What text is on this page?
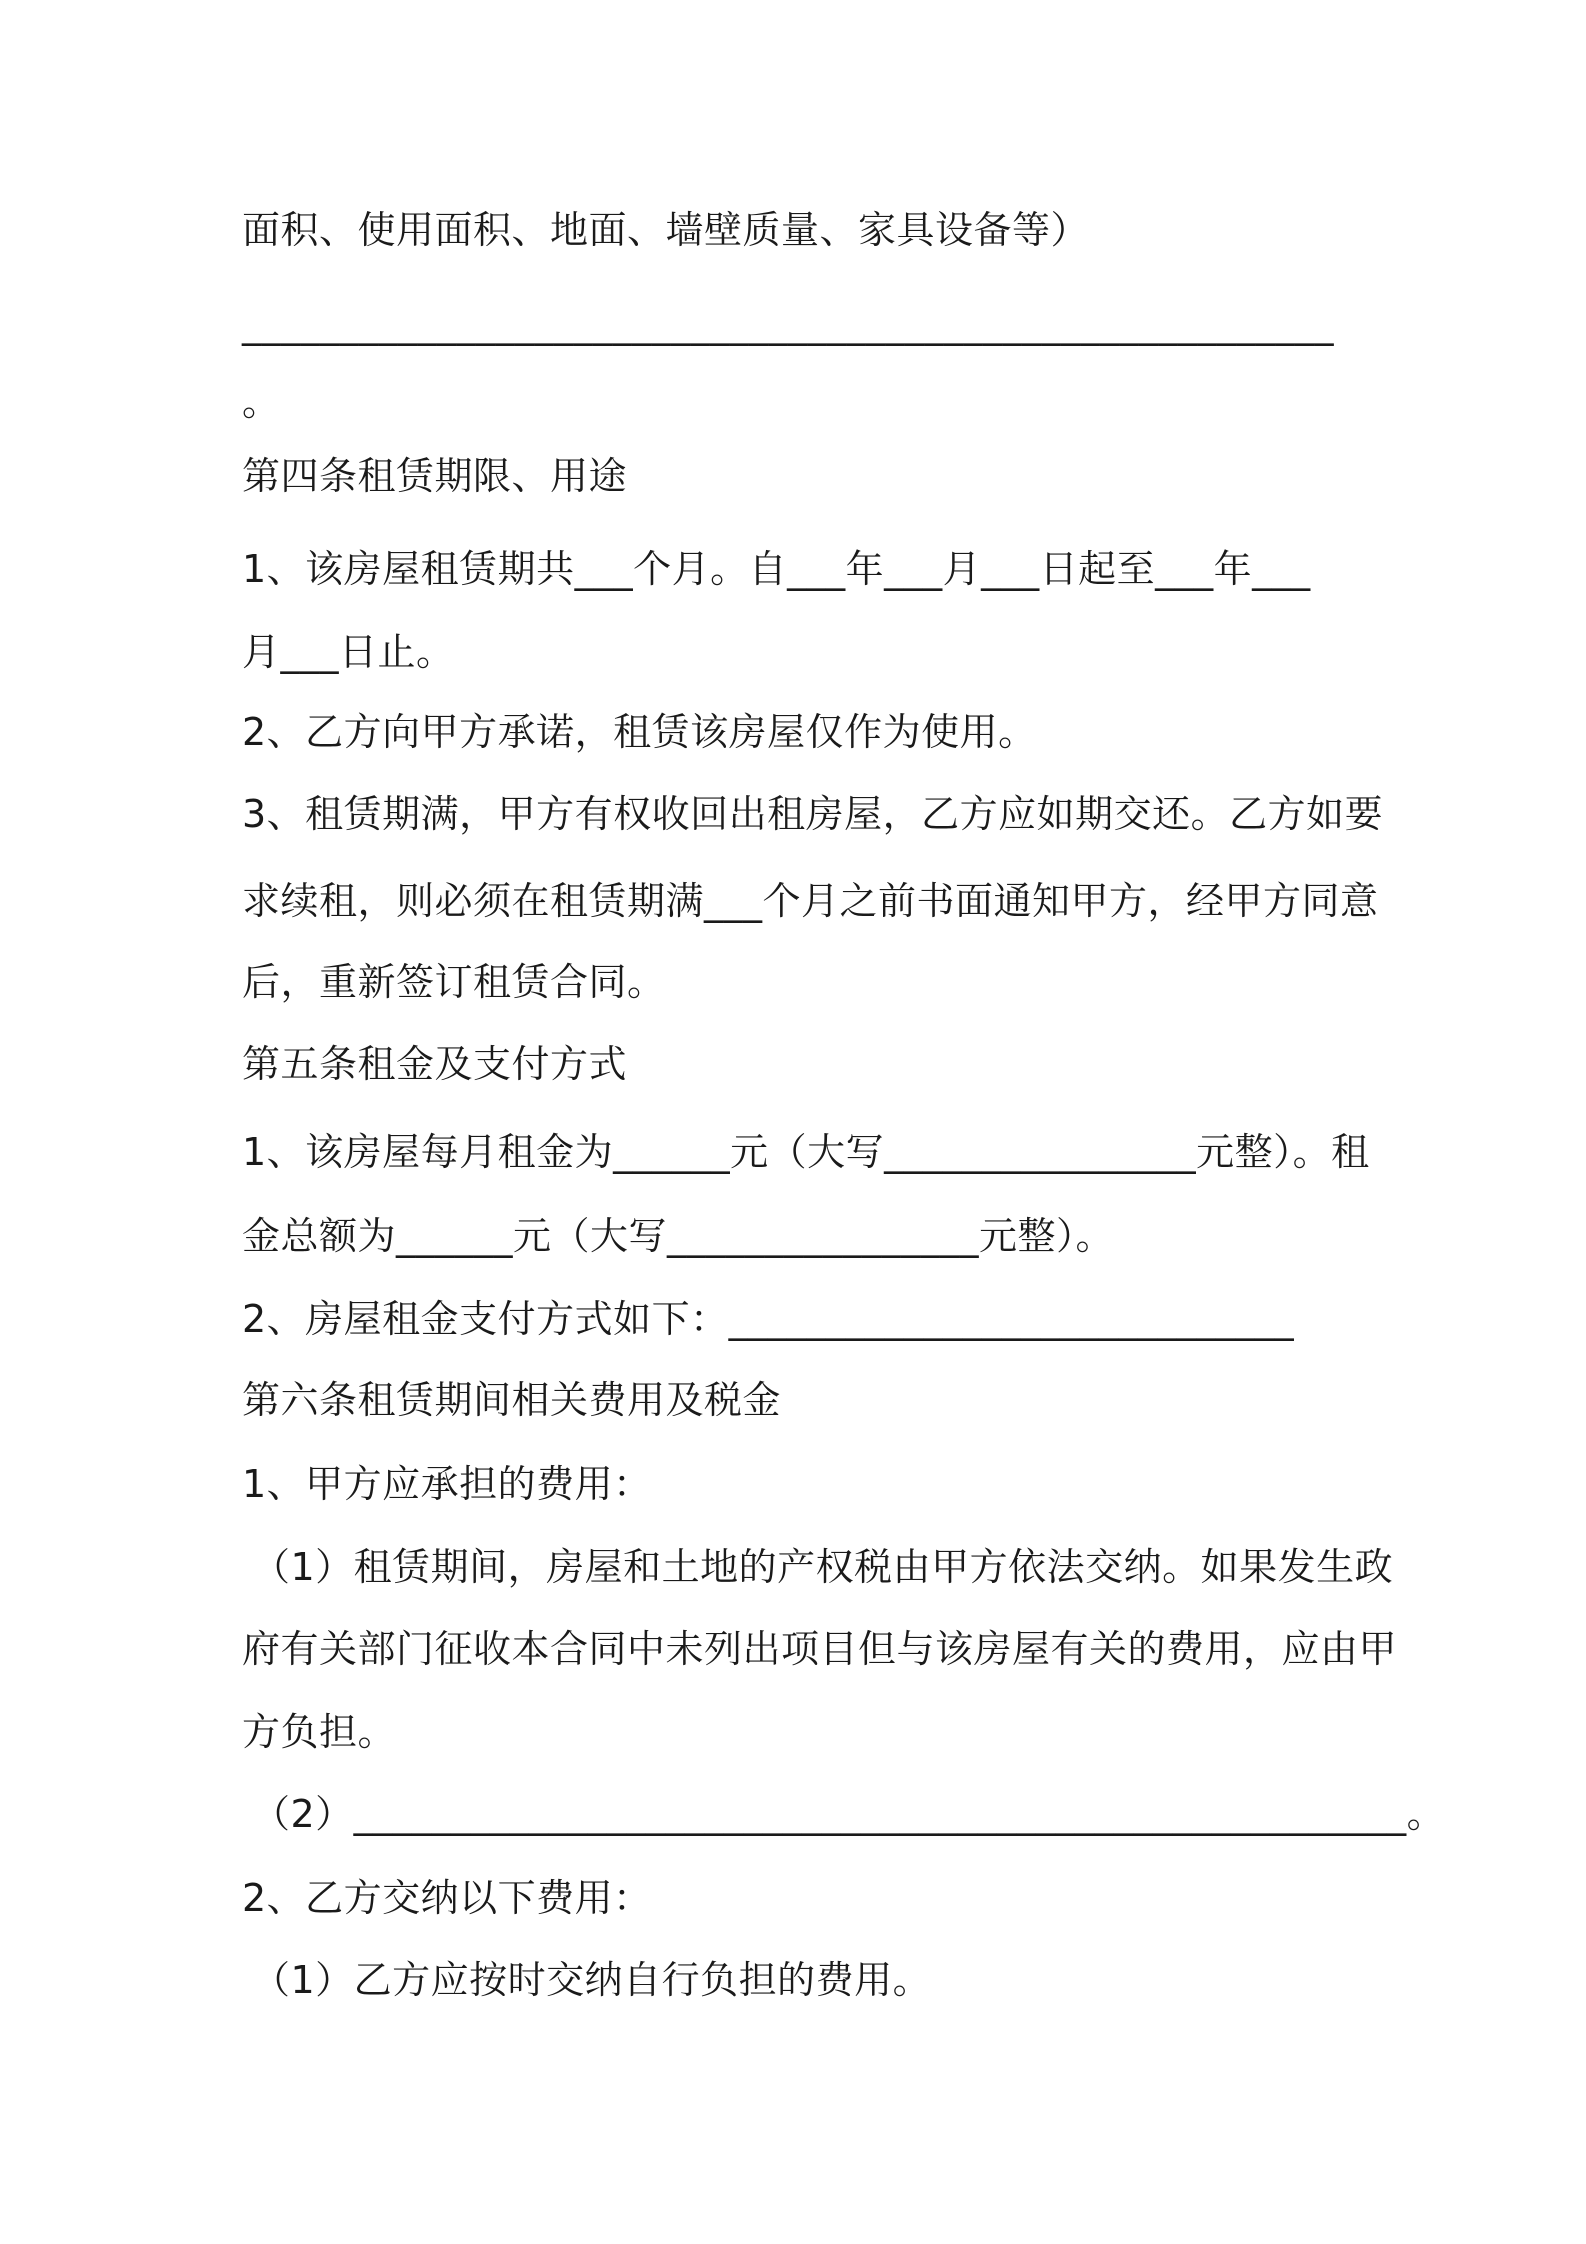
面积、使用面积、地面、墙壁质量、家具设备等）
________________________________________________________
。
第四条租赁期限、用途
1、该房屋租赁期共___个月。自___年___月___日起至___年___
月___日止。
2、乙方向甲方承诺，租赁该房屋仅作为使用。
3、租赁期满，甲方有权收回出租房屋，乙方应如期交还。乙方如要
求续租，则必须在租赁期满___个月之前书面通知甲方，经甲方同意
后，重新签订租赁合同。
第五条租金及支付方式
1、该房屋每月租金为______元（大写________________元整）。租
金总额为______元（大写________________元整）。
2、房屋租金支付方式如下：_____________________________
第六条租赁期间相关费用及税金
1、甲方应承担的费用：
（1）租赁期间，房屋和土地的产权税由甲方依法交纳。如果发生政
府有关部门征收本合同中未列出项目但与该房屋有关的费用，应由甲
方负担。
（2）______________________________________________________。
2、乙方交纳以下费用：
（1）乙方应按时交纳自行负担的费用。
